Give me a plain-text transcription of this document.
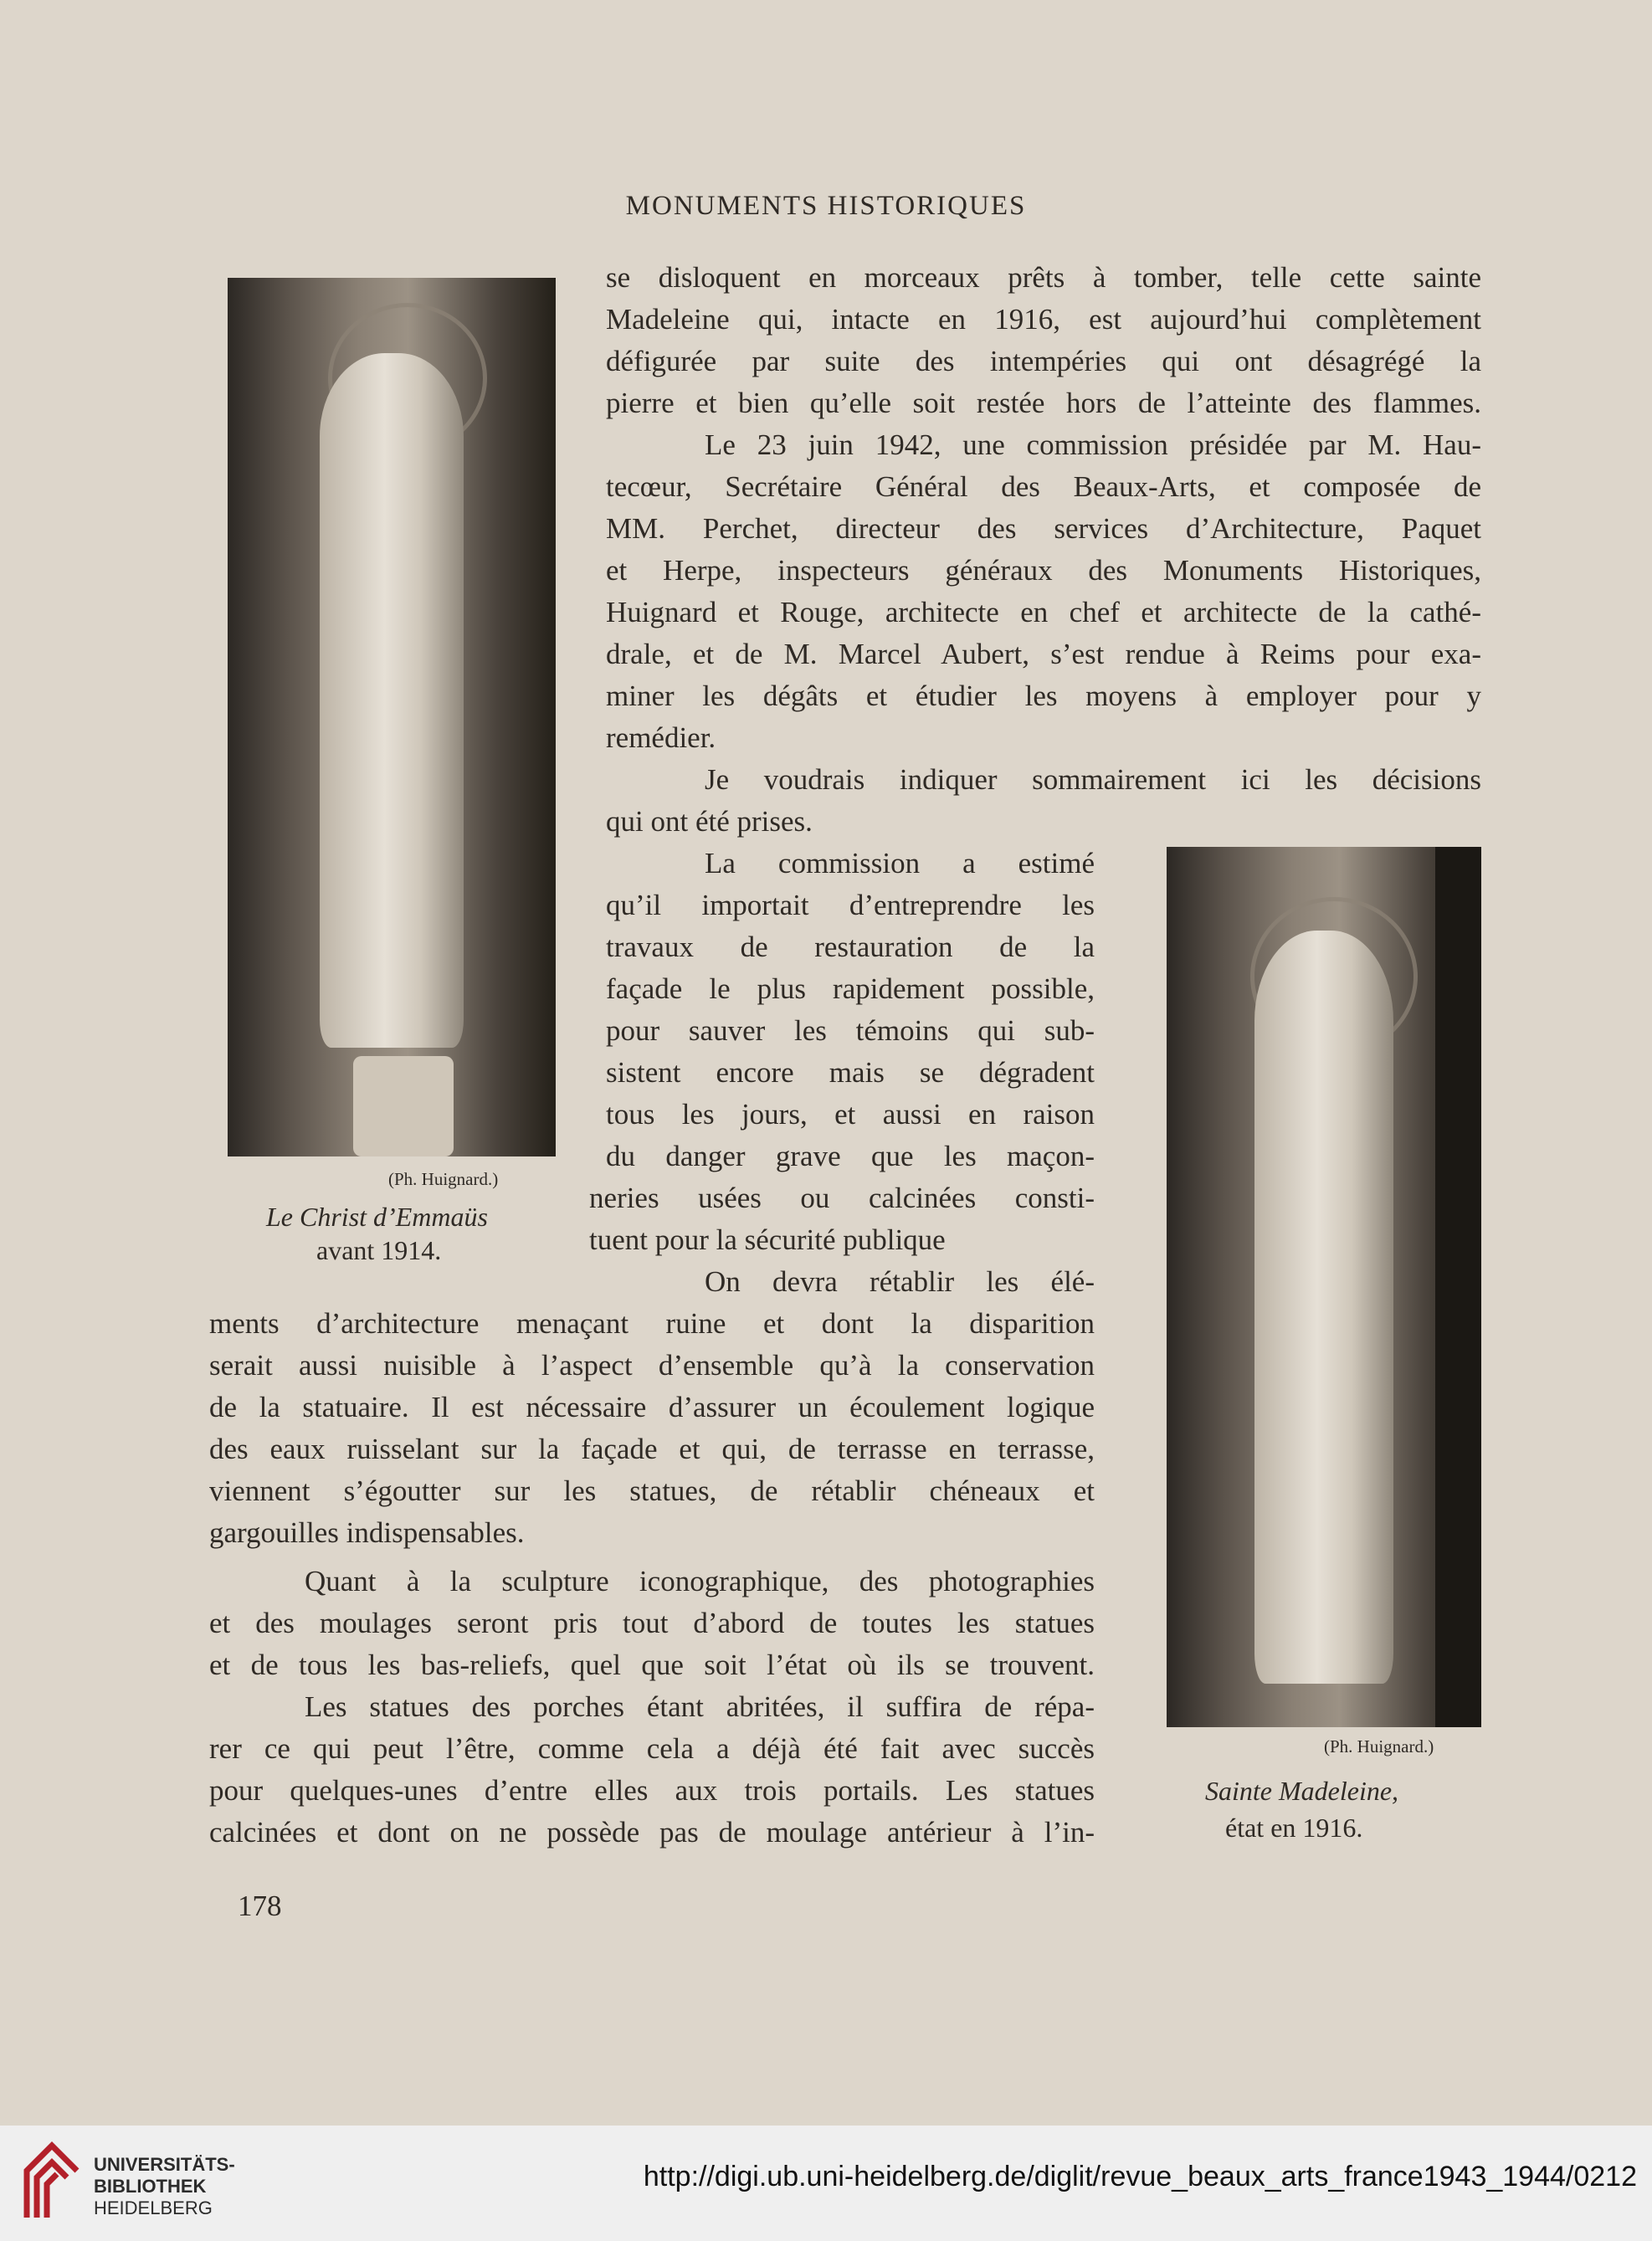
MONUMENTS HISTORIQUES
(Ph. Huignard.)
Le Christ d’Emmaüs
avant 1914.
(Ph. Huignard.)
Sainte Madeleine,
état en 1916.
se disloquent en morceaux prêts à tomber, telle cette sainte
Madeleine qui, intacte en 1916, est aujourd’hui complètement
défigurée par suite des intempéries qui ont désagrégé la
pierre et bien qu’elle soit restée hors de l’atteinte des flammes.
Le 23 juin 1942, une commission présidée par M. Hau-
tecœur, Secrétaire Général des Beaux-Arts, et composée de
MM. Perchet, directeur des services d’Architecture, Paquet
et Herpe, inspecteurs généraux des Monuments Historiques,
Huignard et Rouge, architecte en chef et architecte de la cathé-
drale, et de M. Marcel Aubert, s’est rendue à Reims pour exa-
miner les dégâts et étudier les moyens à employer pour y
remédier.
Je voudrais indiquer sommairement ici les décisions
qui ont été prises.
La commission a estimé
qu’il importait d’entreprendre les
travaux de restauration de la
façade le plus rapidement possible,
pour sauver les témoins qui sub-
sistent encore mais se dégradent
tous les jours, et aussi en raison
du danger grave que les maçon-
neries usées ou calcinées consti-
tuent pour la sécurité publique
On devra rétablir les élé-
ments d’architecture menaçant ruine et dont la disparition
serait aussi nuisible à l’aspect d’ensemble qu’à la conservation
de la statuaire. Il est nécessaire d’assurer un écoulement logique
des eaux ruisselant sur la façade et qui, de terrasse en terrasse,
viennent s’égoutter sur les statues, de rétablir chéneaux et
gargouilles indispensables.
Quant à la sculpture iconographique, des photographies
et des moulages seront pris tout d’abord de toutes les statues
et de tous les bas-reliefs, quel que soit l’état où ils se trouvent.
Les statues des porches étant abritées, il suffira de répa-
rer ce qui peut l’être, comme cela a déjà été fait avec succès
pour quelques-unes d’entre elles aux trois portails. Les statues
calcinées et dont on ne possède pas de moulage antérieur à l’in-
178
UNIVERSITÄTS-
BIBLIOTHEK
HEIDELBERG
http://digi.ub.uni-heidelberg.de/diglit/revue_beaux_arts_france1943_1944/0212
